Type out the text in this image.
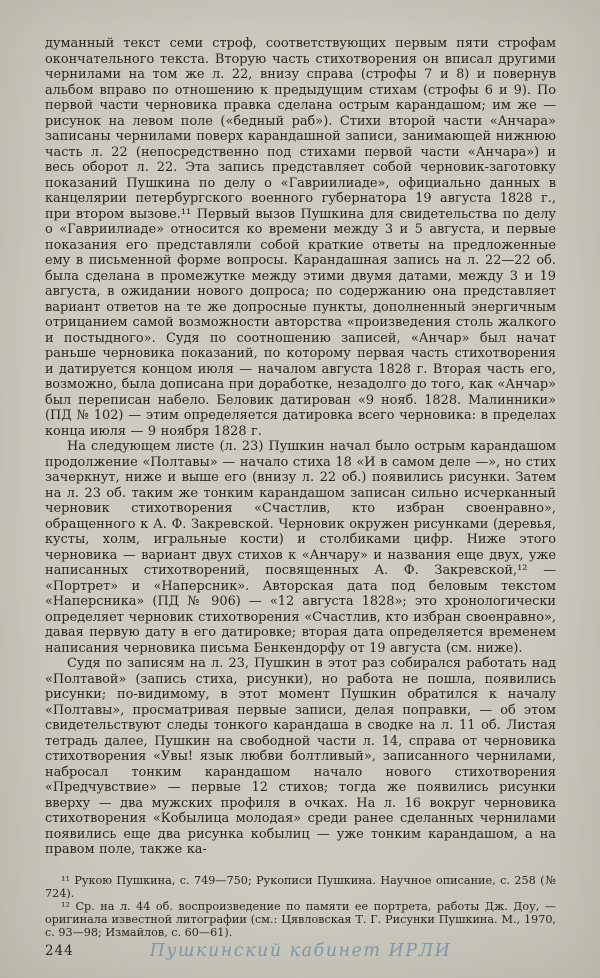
думанный текст семи строф, соответствующих первым пяти строфам окончательного текста. Вторую часть стихотворения он вписал другими чернилами на том же л. 22, внизу справа (строфы 7 и 8) и повернув альбом вправо по отношению к предыдущим стихам (строфы 6 и 9). По первой части черновика правка сделана острым карандашом; им же — рисунок на левом поле («бедный раб»). Стихи второй части «Анчара» записаны чернилами поверх карандашной записи, занимающей нижнюю часть л. 22 (непосредственно под стихами первой части «Анчара») и весь оборот л. 22. Эта запись представляет собой черновик-заготовку показаний Пушкина по делу о «Гавриилиаде», официально данных в канцелярии петербургского военного губернатора 19 августа 1828 г., при втором вызове.¹¹ Первый вызов Пушкина для свидетельства по делу о «Гавриилиаде» относится ко времени между 3 и 5 августа, и первые показания его представляли собой краткие ответы на предложенные ему в письменной форме вопросы. Карандашная запись на л. 22—22 об. была сделана в промежутке между этими двумя датами, между 3 и 19 августа, в ожидании нового допроса; по содержанию она представляет вариант ответов на те же допросные пункты, дополненный энергичным отрицанием самой возможности авторства «произведения столь жалкого и постыдного». Судя по соотношению записей, «Анчар» был начат раньше черновика показаний, по которому первая часть стихотворения и датируется концом июля — началом августа 1828 г. Вторая часть его, возможно, была дописана при доработке, незадолго до того, как «Анчар» был переписан набело. Беловик датирован «9 нояб. 1828. Малинники» (ПД № 102) — этим определяется датировка всего черновика: в пределах конца июля — 9 ноября 1828 г.

На следующем листе (л. 23) Пушкин начал было острым карандашом продолжение «Полтавы» — начало стиха 18 «И в самом деле —», но стих зачеркнут, ниже и выше его (внизу л. 22 об.) появились рисунки. Затем на л. 23 об. таким же тонким карандашом записан сильно исчерканный черновик стихотворения «Счастлив, кто избран своенравно», обращенного к А. Ф. Закревской. Черновик окружен рисунками (деревья, кусты, холм, игральные кости) и столбиками цифр. Ниже этого черновика — вариант двух стихов к «Анчару» и названия еще двух, уже написанных стихотворений, посвященных А. Ф. Закревской,¹² — «Портрет» и «Наперсник». Авторская дата под беловым текстом «Наперсника» (ПД № 906) — «12 августа 1828»; это хронологически определяет черновик стихотворения «Счастлив, кто избран своенравно», давая первую дату в его датировке; вторая дата определяется временем написания черновика письма Бенкендорфу от 19 августа (см. ниже).

Судя по записям на л. 23, Пушкин в этот раз собирался работать над «Полтавой» (запись стиха, рисунки), но работа не пошла, появились рисунки; по-видимому, в этот момент Пушкин обратился к началу «Полтавы», просматривая первые записи, делая поправки, — об этом свидетельствуют следы тонкого карандаша в сводке на л. 11 об. Листая тетрадь далее, Пушкин на свободной части л. 14, справа от черновика стихотворения «Увы! язык любви болтливый», записанного чернилами, набросал тонким карандашом начало нового стихотворения «Предчувствие» — первые 12 стихов; тогда же появились рисунки вверху — два мужских профиля в очках. На л. 16 вокруг черновика стихотворения «Кобылица молодая» среди ранее сделанных чернилами появились еще два рисунка кобылиц — уже тонким карандашом, а на правом поле, также ка-

¹¹ Рукою Пушкина, с. 749—750; Рукописи Пушкина. Научное описание, с. 258 (№ 724).

¹² Ср. на л. 44 об. воспроизведение по памяти ее портрета, работы Дж. Доу, — оригинала известной литографии (см.: Цявловская Т. Г. Рисунки Пушкина. М., 1970, с. 93—98; Измайлов, с. 60—61).

244	Пушкинский кабинет ИРЛИ
